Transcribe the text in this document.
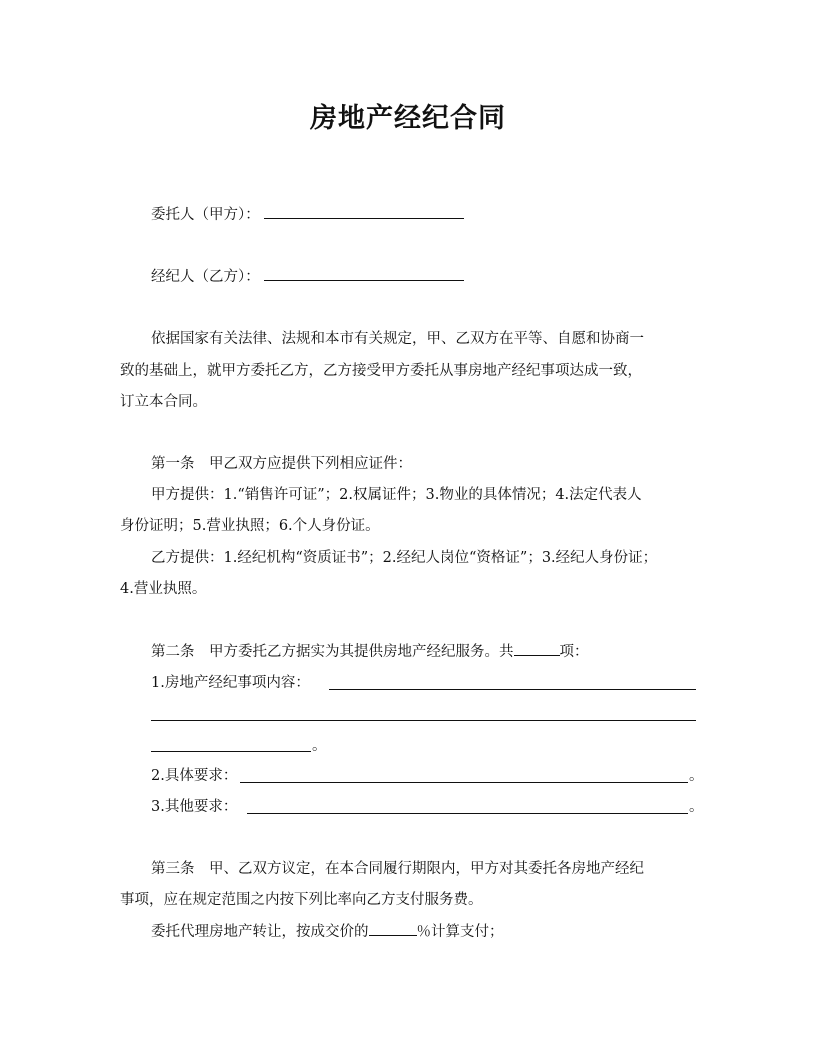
房地产经纪合同
委托人（甲方）：
经纪人（乙方）：
依据国家有关法律、法规和本市有关规定，甲、乙双方在平等、自愿和协商一
致的基础上，就甲方委托乙方，乙方接受甲方委托从事房地产经纪事项达成一致，
订立本合同。
第一条　甲乙双方应提供下列相应证件：
甲方提供：1.“销售许可证”；2.权属证件；3.物业的具体情况；4.法定代表人
身份证明；5.营业执照；6.个人身份证。
乙方提供：1.经纪机构“资质证书”；2.经纪人岗位“资格证”；3.经纪人身份证；
4.营业执照。
第二条　甲方委托乙方据实为其提供房地产经纪服务。共	项：
1.房地产经纪事项内容：
。
2.具体要求：	。
3.其他要求：	。
第三条　甲、乙双方议定，在本合同履行期限内，甲方对其委托各房地产经纪
事项，应在规定范围之内按下列比率向乙方支付服务费。
委托代理房地产转让，按成交价的	％计算支付；
